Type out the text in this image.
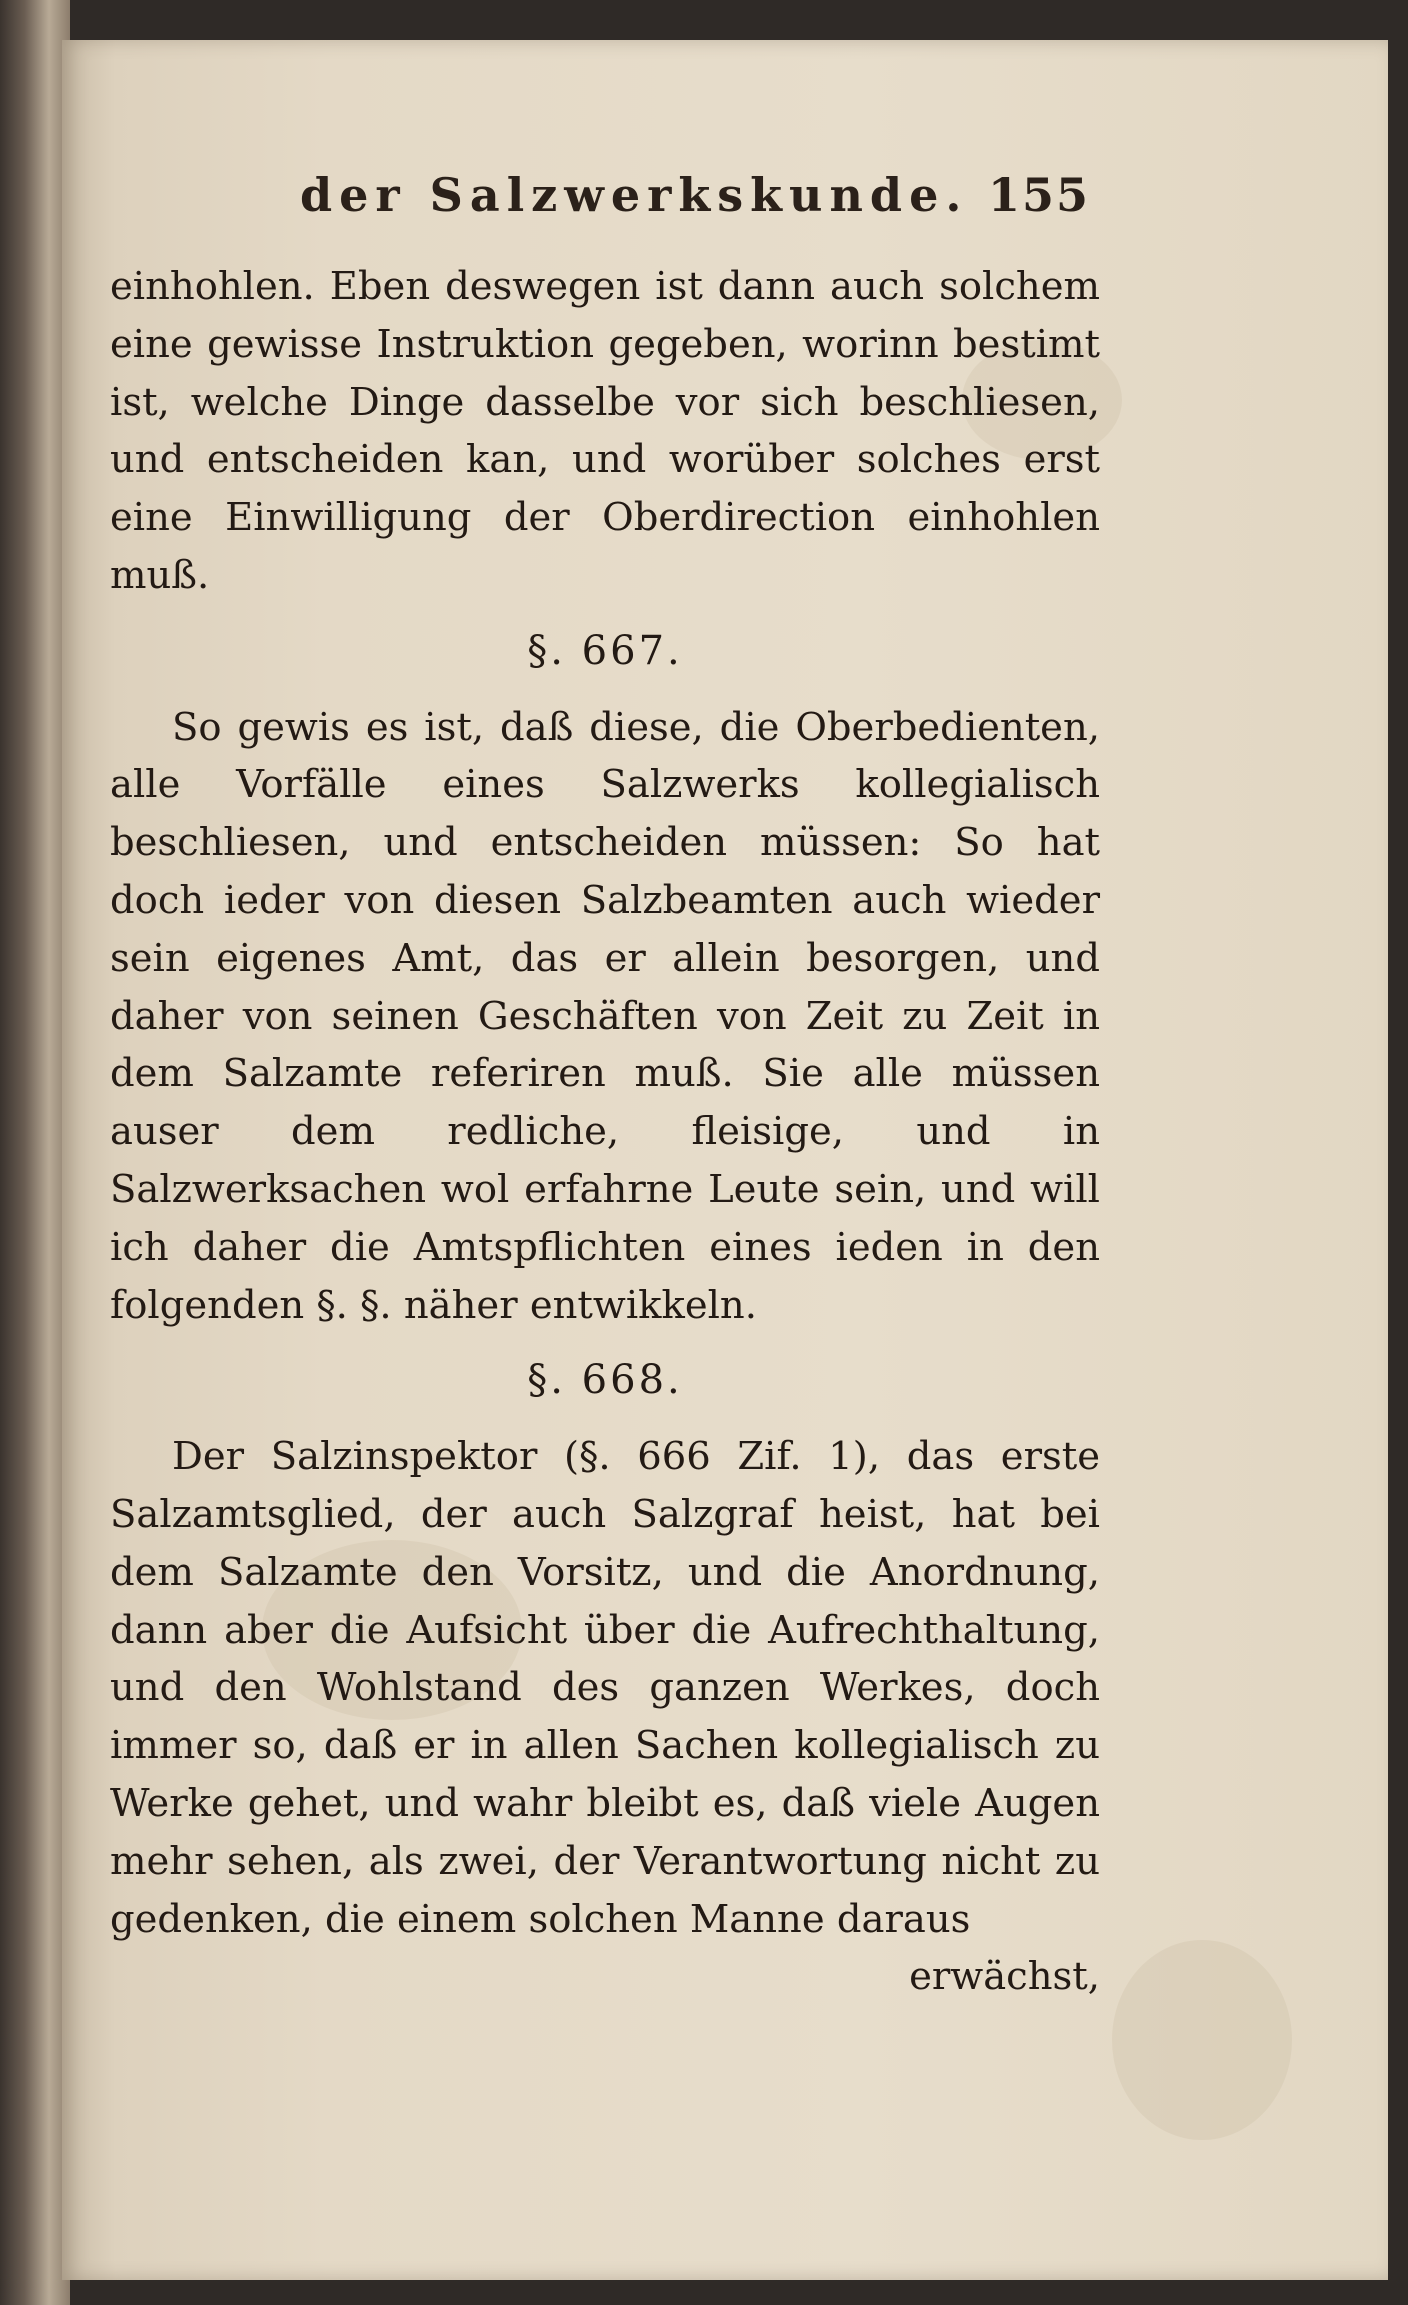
der Salzwerkskunde. 155

einhohlen. Eben deswegen ist dann auch solchem eine gewisse Instruktion gegeben, worinn bestimt ist, welche Dinge dasselbe vor sich beschliesen, und entscheiden kan, und worüber solches erst eine Einwilligung der Oberdirection einhohlen muß.

§. 667.

So gewis es ist, daß diese, die Oberbedienten, alle Vorfälle eines Salzwerks kollegialisch beschliesen, und entscheiden müssen: So hat doch ieder von diesen Salzbeamten auch wieder sein eigenes Amt, das er allein besorgen, und daher von seinen Geschäften von Zeit zu Zeit in dem Salzamte referiren muß. Sie alle müssen auser dem redliche, fleisige, und in Salzwerksachen wol erfahrne Leute sein, und will ich daher die Amtspflichten eines ieden in den folgenden §. §. näher entwikkeln.

§. 668.

Der Salzinspektor (§. 666 Zif. 1), das erste Salzamtsglied, der auch Salzgraf heist, hat bei dem Salzamte den Vorsitz, und die Anordnung, dann aber die Aufsicht über die Aufrechthaltung, und den Wohlstand des ganzen Werkes, doch immer so, daß er in allen Sachen kollegialisch zu Werke gehet, und wahr bleibt es, daß viele Augen mehr sehen, als zwei, der Verantwortung nicht zu gedenken, die einem solchen Manne daraus

erwächst,
